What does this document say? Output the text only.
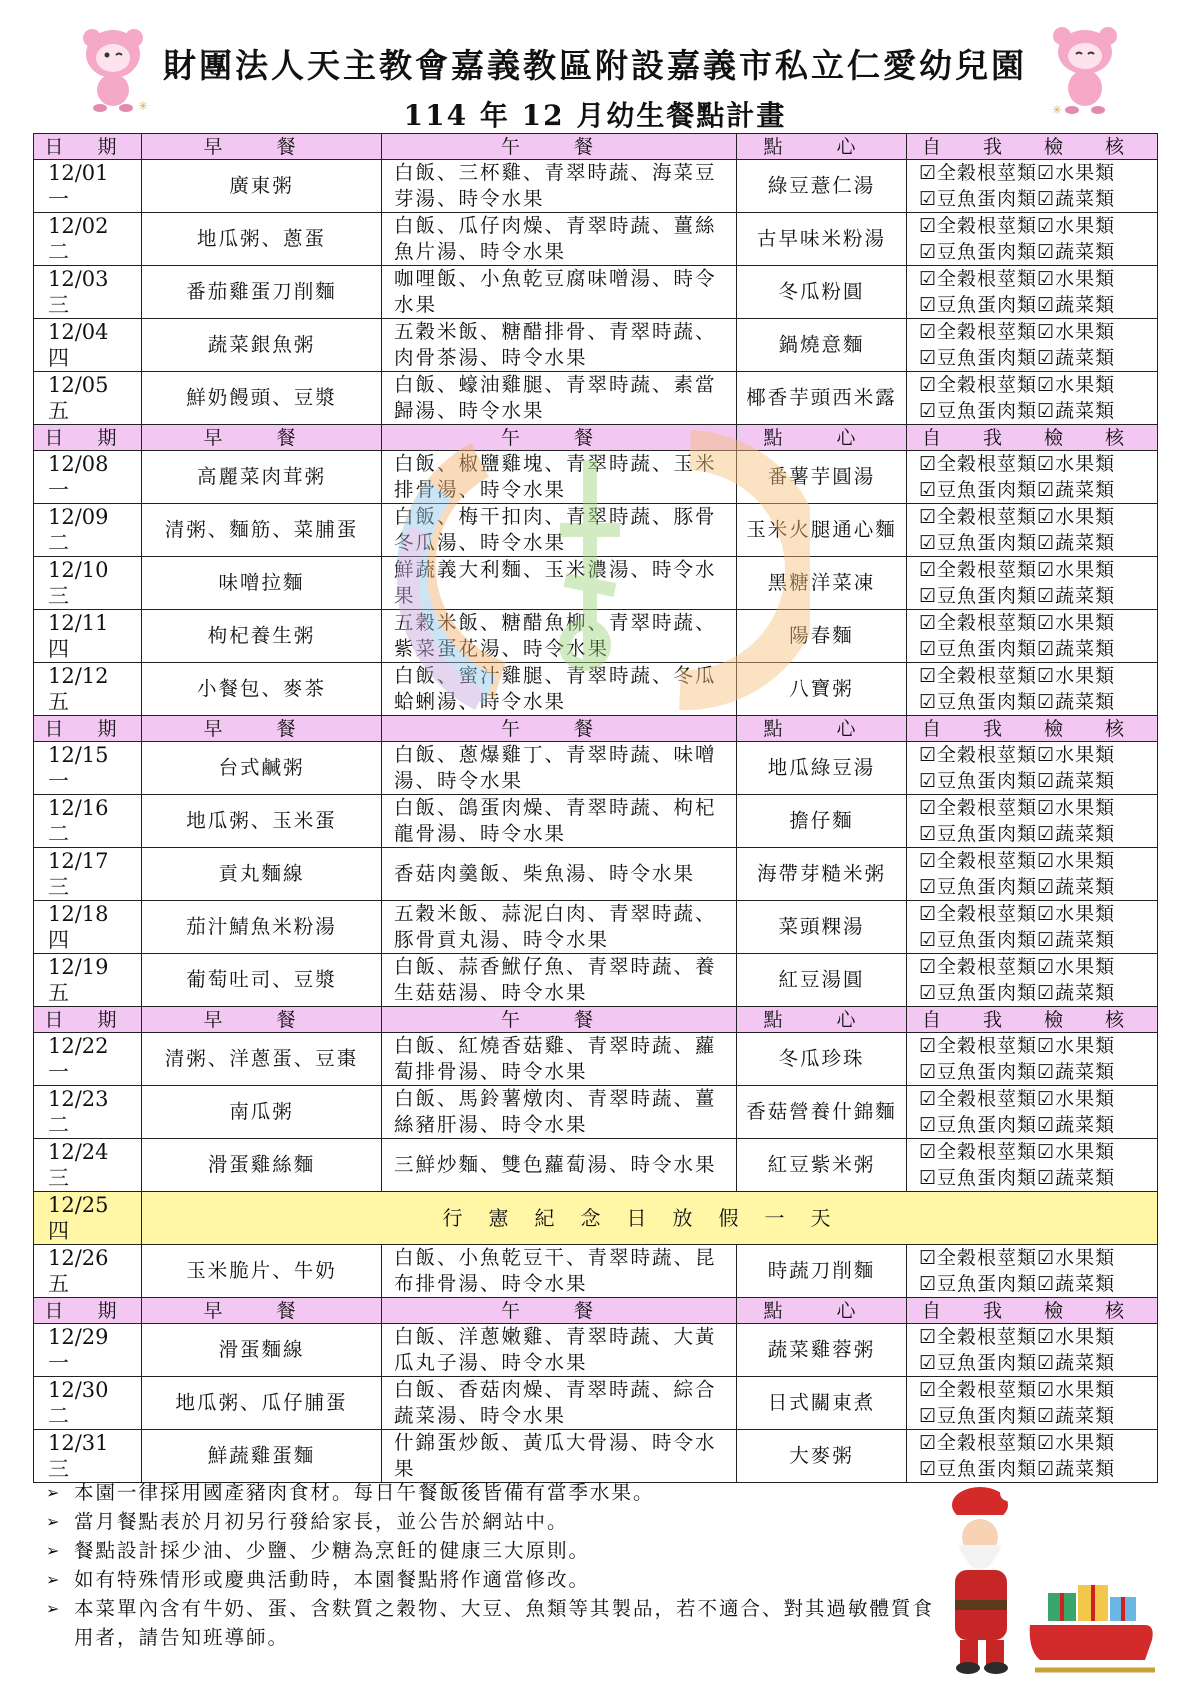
✳
財團法人天主教會嘉義教區附設嘉義市私立仁愛幼兒園
114 年 12 月幼生餐點計畫	✳
日 期	早 餐	午 餐	點 心	自 我 檢 核
12/01 一	廣東粥	白飯、三杯雞、青翠時蔬、海菜豆芽湯、時令水果	綠豆薏仁湯	☑全穀根莖類☑水果類
☑豆魚蛋肉類☑蔬菜類

12/02 二	地瓜粥、蔥蛋	白飯、瓜仔肉燥、青翠時蔬、薑絲魚片湯、時令水果	古早味米粉湯	☑全穀根莖類☑水果類
☑豆魚蛋肉類☑蔬菜類

12/03 三	番茄雞蛋刀削麵	咖哩飯、小魚乾豆腐味噌湯、時令水果	冬瓜粉圓	☑全穀根莖類☑水果類
☑豆魚蛋肉類☑蔬菜類

12/04 四	蔬菜銀魚粥	五穀米飯、糖醋排骨、青翠時蔬、肉骨茶湯、時令水果	鍋燒意麵	☑全穀根莖類☑水果類
☑豆魚蛋肉類☑蔬菜類

12/05 五	鮮奶饅頭、豆漿	白飯、蠔油雞腿、青翠時蔬、素當歸湯、時令水果	椰香芋頭西米露	☑全穀根莖類☑水果類
☑豆魚蛋肉類☑蔬菜類

日 期	早 餐	午 餐	點 心	自 我 檢 核
12/08 一	高麗菜肉茸粥	白飯、椒鹽雞塊、青翠時蔬、玉米排骨湯、時令水果	番薯芋圓湯	☑全穀根莖類☑水果類
☑豆魚蛋肉類☑蔬菜類

12/09 二	清粥、麵筋、菜脯蛋	白飯、梅干扣肉、青翠時蔬、豚骨冬瓜湯、時令水果	玉米火腿通心麵	☑全穀根莖類☑水果類
☑豆魚蛋肉類☑蔬菜類

12/10 三	味噌拉麵	鮮蔬義大利麵、玉米濃湯、時令水果	黑糖洋菜凍	☑全穀根莖類☑水果類
☑豆魚蛋肉類☑蔬菜類

12/11 四	枸杞養生粥	五穀米飯、糖醋魚柳、青翠時蔬、紫菜蛋花湯、時令水果	陽春麵	☑全穀根莖類☑水果類
☑豆魚蛋肉類☑蔬菜類

12/12 五	小餐包、麥茶	白飯、蜜汁雞腿、青翠時蔬、冬瓜蛤蜊湯、時令水果	八寶粥	☑全穀根莖類☑水果類
☑豆魚蛋肉類☑蔬菜類

日 期	早 餐	午 餐	點 心	自 我 檢 核
12/15 一	台式鹹粥	白飯、蔥爆雞丁、青翠時蔬、味噌湯、時令水果	地瓜綠豆湯	☑全穀根莖類☑水果類
☑豆魚蛋肉類☑蔬菜類

12/16 二	地瓜粥、玉米蛋	白飯、鴿蛋肉燥、青翠時蔬、枸杞龍骨湯、時令水果	擔仔麵	☑全穀根莖類☑水果類
☑豆魚蛋肉類☑蔬菜類

12/17 三	貢丸麵線	香菇肉羹飯、柴魚湯、時令水果	海帶芽糙米粥	☑全穀根莖類☑水果類
☑豆魚蛋肉類☑蔬菜類

12/18 四	茄汁鯖魚米粉湯	五穀米飯、蒜泥白肉、青翠時蔬、豚骨貢丸湯、時令水果	菜頭粿湯	☑全穀根莖類☑水果類
☑豆魚蛋肉類☑蔬菜類

12/19 五	葡萄吐司、豆漿	白飯、蒜香鮲仔魚、青翠時蔬、養生菇菇湯、時令水果	紅豆湯圓	☑全穀根莖類☑水果類
☑豆魚蛋肉類☑蔬菜類

日 期	早 餐	午 餐	點 心	自 我 檢 核
12/22 一	清粥、洋蔥蛋、豆棗	白飯、紅燒香菇雞、青翠時蔬、蘿蔔排骨湯、時令水果	冬瓜珍珠	☑全穀根莖類☑水果類
☑豆魚蛋肉類☑蔬菜類

12/23 二	南瓜粥	白飯、馬鈴薯燉肉、青翠時蔬、薑絲豬肝湯、時令水果	香菇營養什錦麵	☑全穀根莖類☑水果類
☑豆魚蛋肉類☑蔬菜類

12/24 三	滑蛋雞絲麵	三鮮炒麵、雙色蘿蔔湯、時令水果	紅豆紫米粥	☑全穀根莖類☑水果類
☑豆魚蛋肉類☑蔬菜類

12/25 四	行憲紀念日放假一天			
12/26 五	玉米脆片、牛奶	白飯、小魚乾豆干、青翠時蔬、昆布排骨湯、時令水果	時蔬刀削麵	☑全穀根莖類☑水果類
☑豆魚蛋肉類☑蔬菜類

日 期	早 餐	午 餐	點 心	自 我 檢 核
12/29 一	滑蛋麵線	白飯、洋蔥嫩雞、青翠時蔬、大黃瓜丸子湯、時令水果	蔬菜雞蓉粥	☑全穀根莖類☑水果類
☑豆魚蛋肉類☑蔬菜類

12/30 二	地瓜粥、瓜仔脯蛋	白飯、香菇肉燥、青翠時蔬、綜合蔬菜湯、時令水果	日式關東煮	☑全穀根莖類☑水果類
☑豆魚蛋肉類☑蔬菜類

12/31 三	鮮蔬雞蛋麵	什錦蛋炒飯、黃瓜大骨湯、時令水果	大麥粥	☑全穀根莖類☑水果類
☑豆魚蛋肉類☑蔬菜類
➢ 本園一律採用國產豬肉食材。每日午餐飯後皆備有當季水果。
➢ 當月餐點表於月初另行發給家長，並公告於網站中。
➢ 餐點設計採少油、少鹽、少糖為烹飪的健康三大原則。
➢ 如有特殊情形或慶典活動時，本園餐點將作適當修改。
➢ 本菜單內含有牛奶、蛋、含麩質之穀物、大豆、魚類等其製品，若不適合、對其過敏體質食用者，請告知班導師。
